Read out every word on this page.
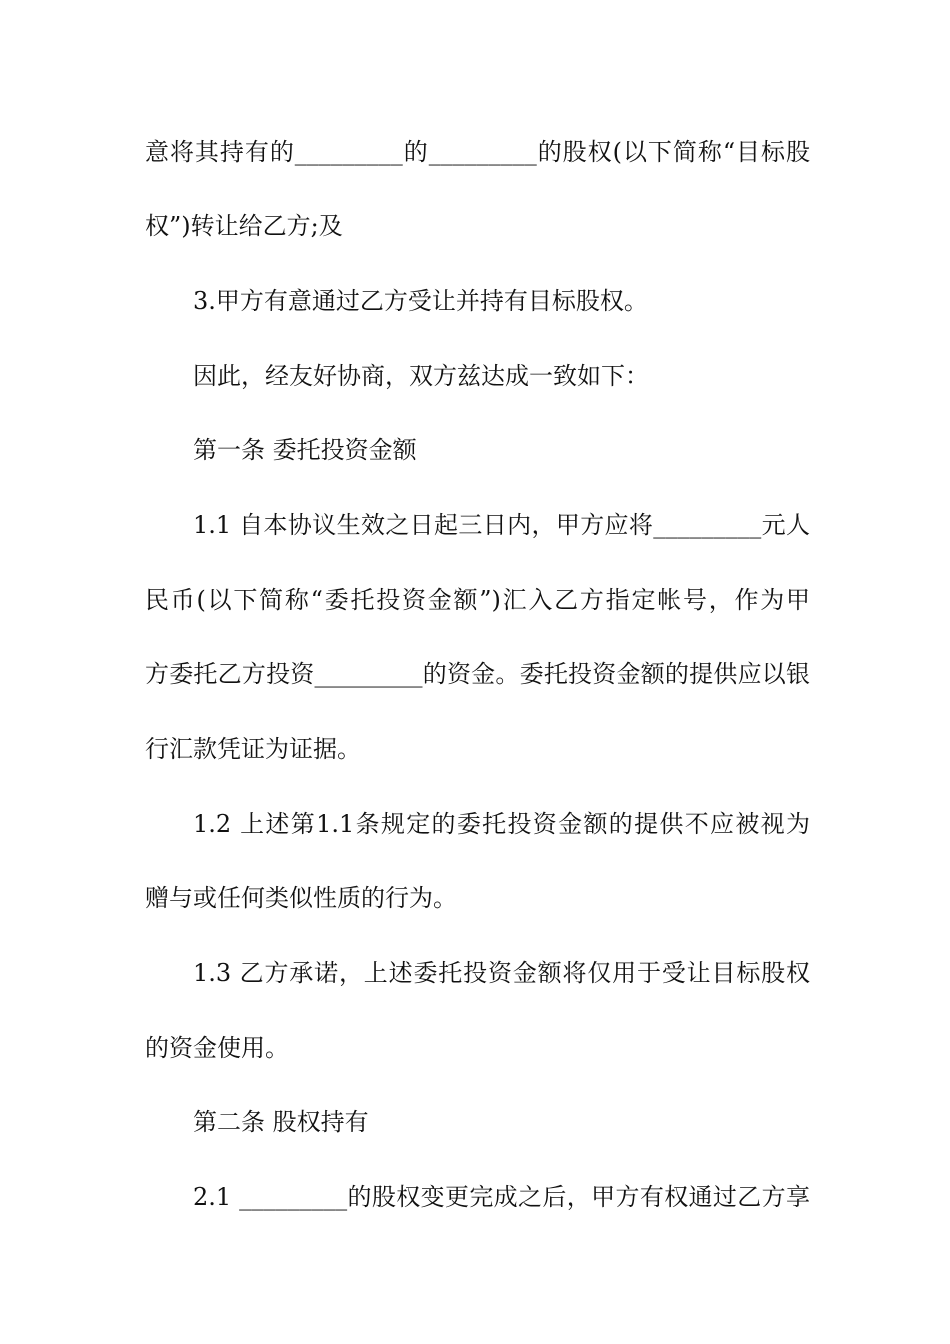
意将其持有的_________的_________的股权(以下简称“目标股
权”)转让给乙方;及
3.甲方有意通过乙方受让并持有目标股权。
因此，经友好协商，双方兹达成一致如下：
第一条 委托投资金额
1.1 自本协议生效之日起三日内，甲方应将_________元人
民币(以下简称“委托投资金额”)汇入乙方指定帐号，作为甲
方委托乙方投资_________的资金。委托投资金额的提供应以银
行汇款凭证为证据。
1.2 上述第1.1条规定的委托投资金额的提供不应被视为
赠与或任何类似性质的行为。
1.3 乙方承诺，上述委托投资金额将仅用于受让目标股权
的资金使用。
第二条 股权持有
2.1 _________的股权变更完成之后，甲方有权通过乙方享
